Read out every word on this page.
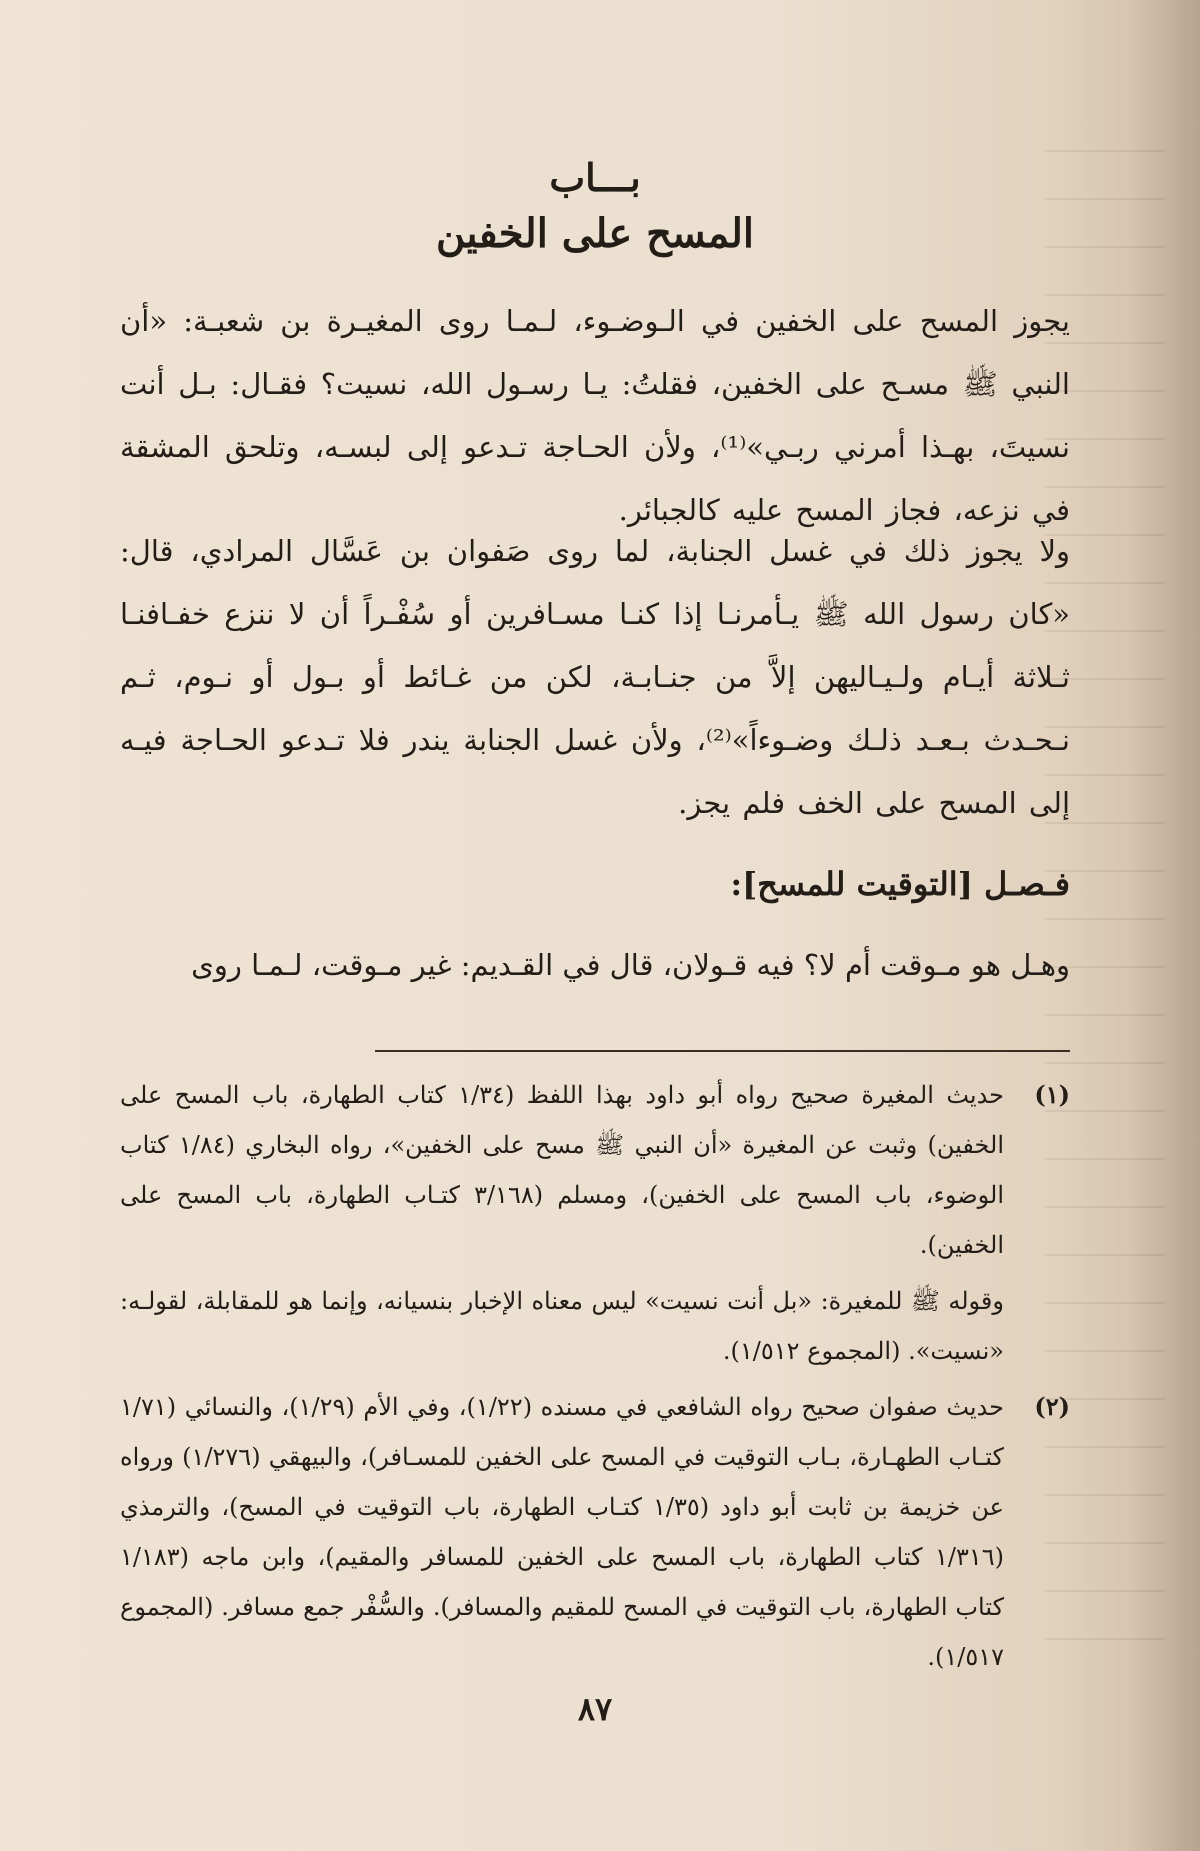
بـــاب
المسح على الخفين
يجوز المسح على الخفين في الـوضـوء، لـمـا روى المغيـرة بن شعبـة: «أن النبي ﷺ مسـح على الخفين، فقلتُ: يـا رسـول الله، نسيت؟ فقـال: بـل أنت نسيتَ، بهـذا أمرني ربـي»⁽¹⁾، ولأن الحـاجة تـدعو إلى لبسـه، وتلحق المشقة في نزعه، فجاز المسح عليه كالجبائر.
ولا يجوز ذلك في غسل الجنابة، لما روى صَفوان بن عَسَّال المرادي، قال: «كان رسول الله ﷺ يـأمرنـا إذا كنـا مسـافرين أو سُفْـراً أن لا ننزع خفـافنـا ثـلاثة أيـام ولـيـاليهن إلاَّ من جنـابـة، لكن من غـائط أو بـول أو نـوم، ثـم نـحـدث بـعـد ذلـك وضـوءاً»⁽²⁾، ولأن غسل الجنابة يندر فلا تـدعو الحـاجة فيـه إلى المسح على الخف فلم يجز.
فـصـل [التوقيت للمسح]:
وهـل هو مـوقت أم لا؟ فيه قـولان، قال في القـديم: غير مـوقت، لـمـا روى
(١)
حديث المغيرة صحيح رواه أبو داود بهذا اللفظ (١/٣٤ كتاب الطهارة، باب المسح على الخفين) وثبت عن المغيرة «أن النبي ﷺ مسح على الخفين»، رواه البخاري (١/٨٤ كتاب الوضوء، باب المسح على الخفين)، ومسلم (٣/١٦٨ كتـاب الطهارة، باب المسح على الخفين).
وقوله ﷺ للمغيرة: «بل أنت نسيت» ليس معناه الإخبار بنسيانه، وإنما هو للمقابلة، لقولـه: «نسيت». (المجموع ١/٥١٢).
(٢)
حديث صفوان صحيح رواه الشافعي في مسنده (١/٢٢)، وفي الأم (١/٢٩)، والنسائي (١/٧١ كتـاب الطهـارة، بـاب التوقيت في المسح على الخفين للمسـافر)، والبيهقي (١/٢٧٦) ورواه عن خزيمة بن ثابت أبو داود (١/٣٥ كتـاب الطهارة، باب التوقيت في المسح)، والترمذي (١/٣١٦ كتاب الطهارة، باب المسح على الخفين للمسافر والمقيم)، وابن ماجه (١/١٨٣ كتاب الطهارة، باب التوقيت في المسح للمقيم والمسافر). والسُّفْر جمع مسافر. (المجموع ١/٥١٧).
٨٧
